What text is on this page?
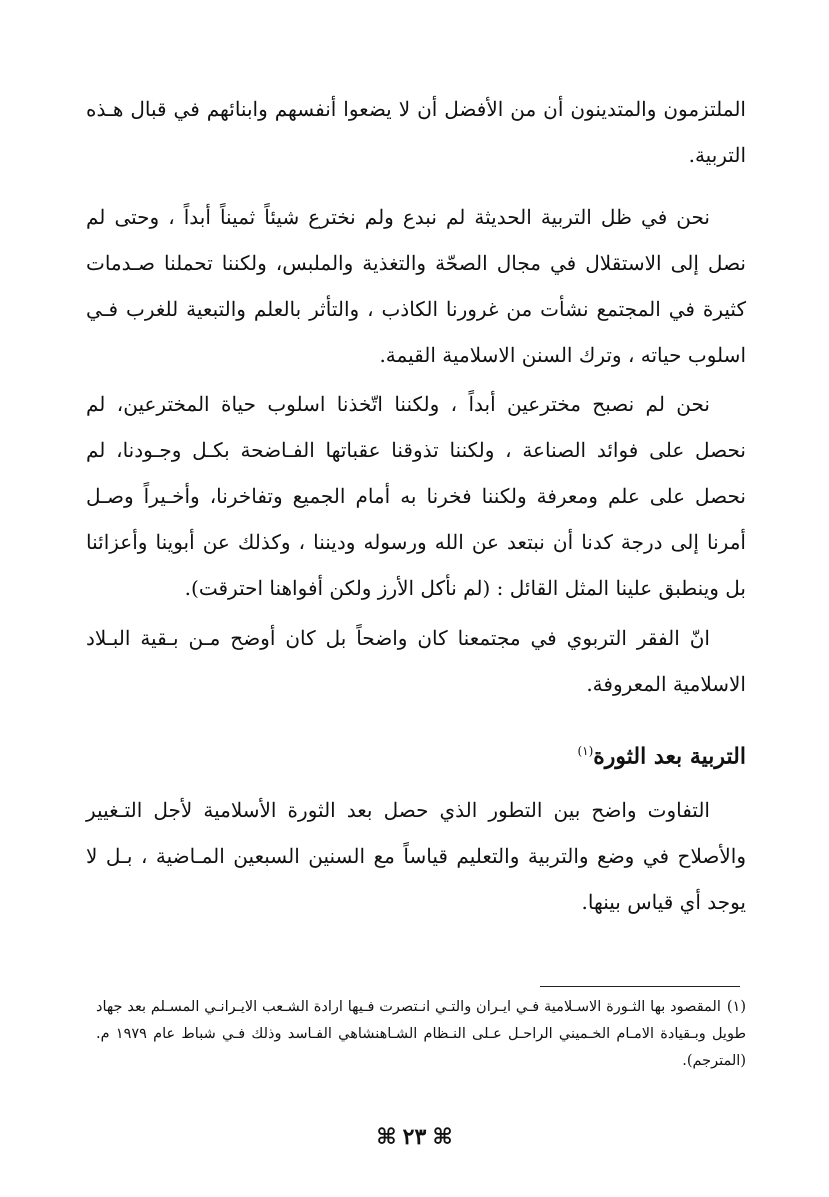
الملتزمون والمتدينون أن من الأفضل أن لا يضعوا أنفسهم وابنائهم في قبال هـذه التربية.

نحن في ظل التربية الحديثة لم نبدع ولم نخترع شيئاً ثميناً أبداً ، وحتى لم نصل إلى الاستقلال في مجال الصحّة والتغذية والملبس، ولكننا تحملنا صـدمات كثيرة في المجتمع نشأت من غرورنا الكاذب ، والتأثر بالعلم والتبعية للغرب فـي اسلوب حياته ، وترك السنن الاسلامية القيمة.

نحن لم نصبح مخترعين أبداً ، ولكننا اتّخذنا اسلوب حياة المخترعين، لم نحصل على فوائد الصناعة ، ولكننا تذوقنا عقباتها الفـاضحة بكـل وجـودنا، لم نحصل على علم ومعرفة ولكننا فخرنا به أمام الجميع وتفاخرنا، وأخـيراً وصـل أمرنا إلى درجة كدنا أن نبتعد عن الله ورسوله وديننا ، وكذلك عن أبوينا وأعزائنا بل وينطبق علينا المثل القائل : (لم نأكل الأرز ولكن أفواهنا احترقت).

انّ الفقر التربوي في مجتمعنا كان واضحاً بل كان أوضح مـن بـقية البـلاد الاسلامية المعروفة.

التربية بعد الثورة$^{(١)}$

التفاوت واضح بين التطور الذي حصل بعد الثورة الأسلامية لأجل التـغيير والأصلاح في وضع والتربية والتعليم قياساً مع السنين السبعين المـاضية ، بـل لا يوجد أي قياس بينها.

(١)المقصود بها الثـورة الاسـلامية فـي ايـران والتـي انـتصرت فـيها ارادة الشـعب الايـرانـي المسـلم بعد جهاد طويل وبـقيادة الامـام الخـميني الراحـل عـلى النـظام الشـاهنشاهي الفـاسد وذلك فـي شباط عام ١٩٧٩ م. (المترجم).

⌘٢٣⌘
